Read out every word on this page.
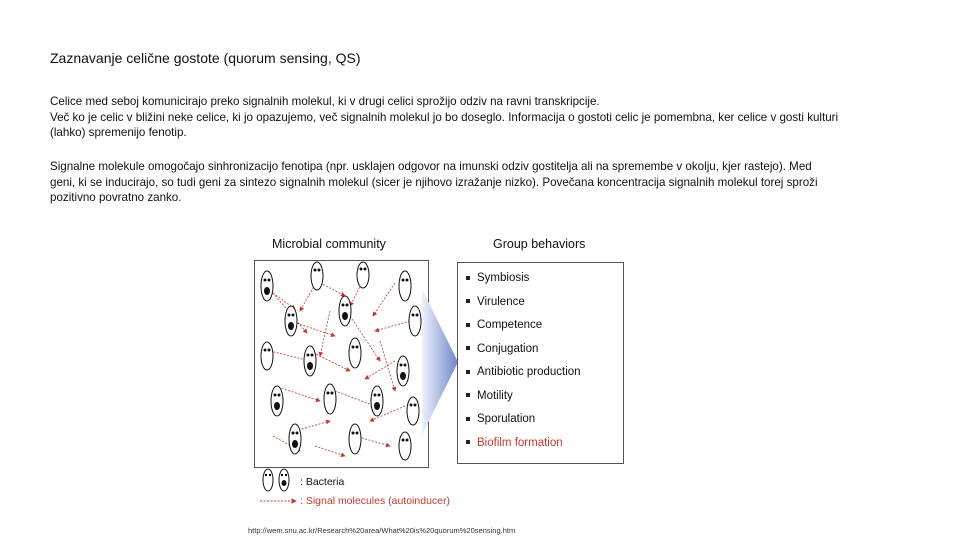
Zaznavanje celične gostote (quorum sensing, QS)
Celice med seboj komunicirajo preko signalnih molekul, ki v drugi celici sprožijo odziv na ravni transkripcije.
Več ko je celic v bližini neke celice, ki jo opazujemo, več signalnih molekul jo bo doseglo. Informacija o gostoti celic je pomembna, ker celice v gosti kulturi
(lahko) spremenijo fenotip.
Signalne molekule omogočajo sinhronizacijo fenotipa (npr. usklajen odgovor na imunski odziv gostitelja ali na spremembe v okolju, kjer rastejo). Med
geni, ki se inducirajo, so tudi geni za sintezo signalnih molekul (sicer je njihovo izražanje nizko). Povečana koncentracija signalnih molekul torej sproži
pozitivno povratno zanko.
Microbial community	Group behaviors
Symbiosis
Virulence
Competence
Conjugation
Antibiotic production
Motility
Sporulation
Biofilm formation
: Bacteria
: Signal molecules (autoinducer)
http://wem.snu.ac.kr/Research%20area/What%20is%20quorum%20sensing.htm
